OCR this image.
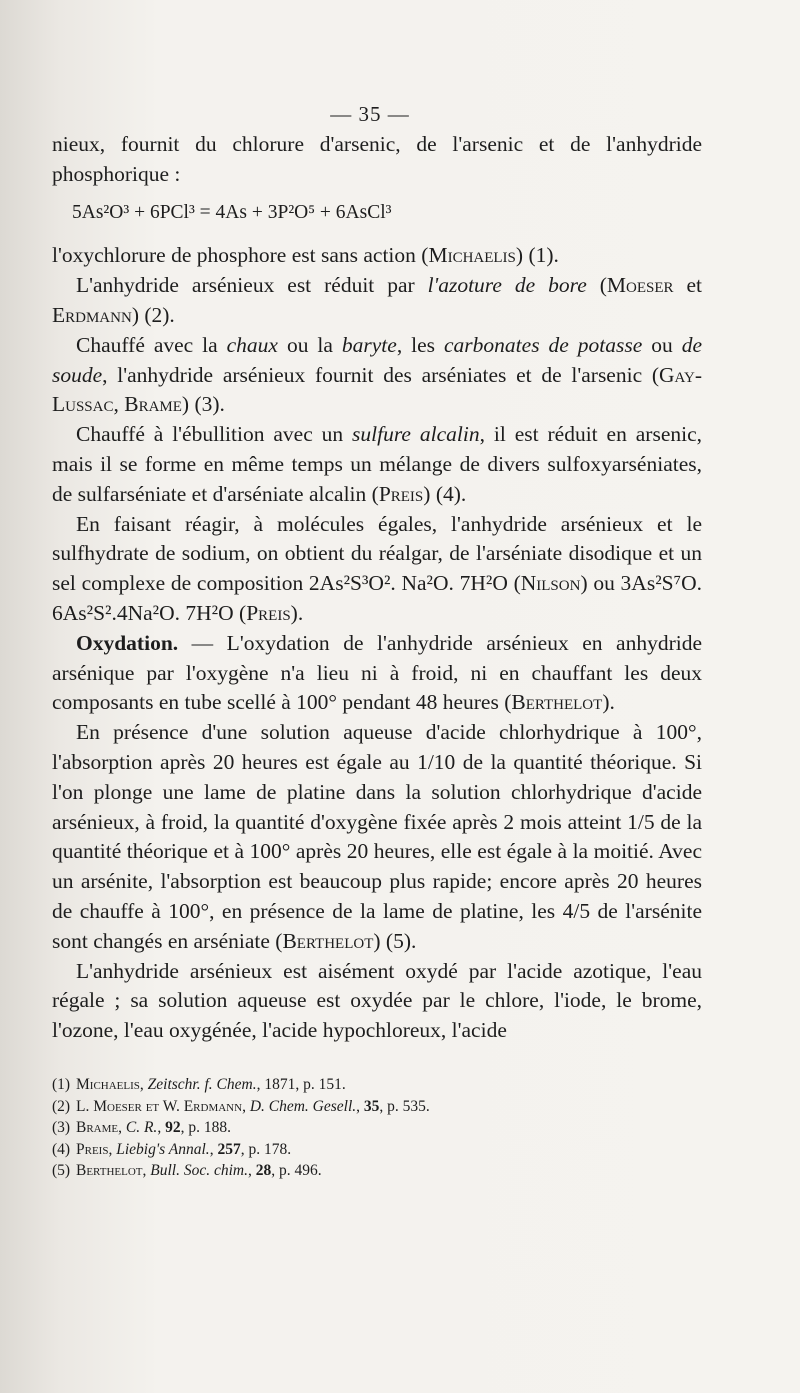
— 35 —

nieux, fournit du chlorure d'arsenic, de l'arsenic et de l'anhydride phosphorique :

5As²O³ + 6PCl³ = 4As + 3P²O⁵ + 6AsCl³

l'oxychlorure de phosphore est sans action (Michaelis) (1).

L'anhydride arsénieux est réduit par l'azoture de bore (Moeser et Erdmann) (2).

Chauffé avec la chaux ou la baryte, les carbonates de potasse ou de soude, l'anhydride arsénieux fournit des arséniates et de l'arsenic (Gay-Lussac, Brame) (3).

Chauffé à l'ébullition avec un sulfure alcalin, il est réduit en arsenic, mais il se forme en même temps un mélange de divers sulfoxyarséniates, de sulfarséniate et d'arséniate alcalin (Preis) (4).

En faisant réagir, à molécules égales, l'anhydride arsénieux et le sulfhydrate de sodium, on obtient du réalgar, de l'arséniate disodique et un sel complexe de composition 2As²S³O². Na²O. 7H²O (Nilson) ou 3As²S⁷O. 6As²S².4Na²O. 7H²O (Preis).

Oxydation. — L'oxydation de l'anhydride arsénieux en anhydride arsénique par l'oxygène n'a lieu ni à froid, ni en chauffant les deux composants en tube scellé à 100° pendant 48 heures (Berthelot).

En présence d'une solution aqueuse d'acide chlorhydrique à 100°, l'absorption après 20 heures est égale au 1/10 de la quantité théorique. Si l'on plonge une lame de platine dans la solution chlorhydrique d'acide arsénieux, à froid, la quantité d'oxygène fixée après 2 mois atteint 1/5 de la quantité théorique et à 100° après 20 heures, elle est égale à la moitié. Avec un arsénite, l'absorption est beaucoup plus rapide; encore après 20 heures de chauffe à 100°, en présence de la lame de platine, les 4/5 de l'arsénite sont changés en arséniate (Berthelot) (5).

L'anhydride arsénieux est aisément oxydé par l'acide azotique, l'eau régale ; sa solution aqueuse est oxydée par le chlore, l'iode, le brome, l'ozone, l'eau oxygénée, l'acide hypochloreux, l'acide

(1) Michaelis, Zeitschr. f. Chem., 1871, p. 151.
(2) L. Moeser et W. Erdmann, D. Chem. Gesell., 35, p. 535.
(3) Brame, C. R., 92, p. 188.
(4) Preis, Liebig's Annal., 257, p. 178.
(5) Berthelot, Bull. Soc. chim., 28, p. 496.
